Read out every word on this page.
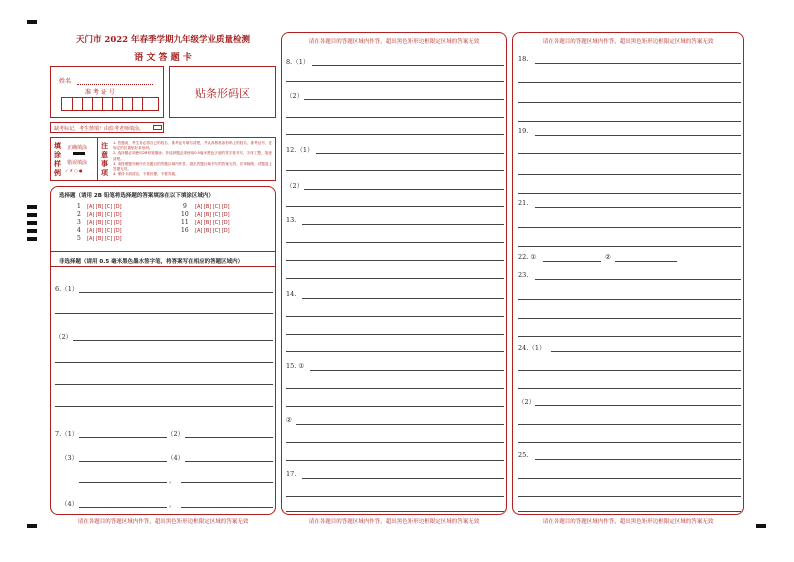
天门市 2022 年春季学期九年级学业质量检测
语 文 答 题 卡
姓名
准 考 证 号	贴条形码区
缺考标记，考生禁填！由监考老师填涂。
填 涂 样 例
正确填涂
错误填涂
✓ ✗ ○ ●
注 意 事 项
1. 答题前，考生务必将自己的姓名、准考证号填写清楚，并认真核准条形码上的姓名、准考证号，在规定的位置贴好条形码。
2. 选择题必须使用2B铅笔填涂；非选择题必须使用0.5毫米黑色字迹的签字笔书写，字体工整，笔迹清楚。
3. 请按照题号顺序在各题目的答题区域内作答，超出答题区域书写的答案无效；在草稿纸、试题卷上答题无效。
4. 保持卡面清洁，不要折叠，不要弄破。
选择题（请用 2B 铅笔将选择题的答案填涂在以下填涂区域内）
1 [A] [B] [C] [D]
2 [A] [B] [C] [D]
3 [A] [B] [C] [D]
4 [A] [B] [C] [D]
5 [A] [B] [C] [D]
9 [A] [B] [C] [D]
10 [A] [B] [C] [D]
11 [A] [B] [C] [D]
16 [A] [B] [C] [D]
非选择题（请用 0.5 毫米黑色墨水签字笔，将答案写在相应的答题区域内）
6.（1）
（2）
7.（1）	（2）
（3）	（4）
，
（4）	，
请在各题目的答题区域内作答，超出黑色矩形边框限定区域的答案无效
请在各题目的答题区域内作答，超出黑色矩形边框限定区域的答案无效
8.（1）
（2）
12.（1）
（2）
13.
14.
15. ①
②
17.
请在各题目的答题区域内作答，超出黑色矩形边框限定区域的答案无效
请在各题目的答题区域内作答，超出黑色矩形边框限定区域的答案无效
18.
19.
21.
22. ①	②
23.
24.（1）
（2）
25.
请在各题目的答题区域内作答，超出黑色矩形边框限定区域的答案无效
